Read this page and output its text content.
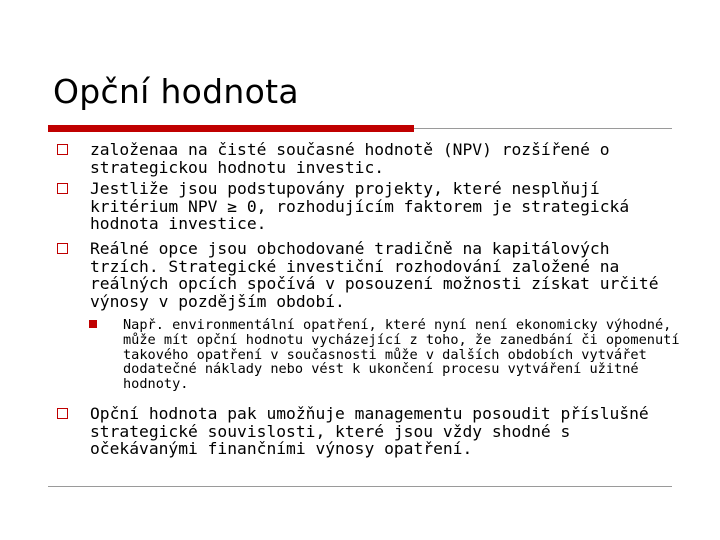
Opční hodnota
založenaa na čisté současné hodnotě (NPV) rozšířené o strategickou hodnotu investic.
Jestliže jsou podstupovány projekty, které nesplňují kritérium NPV ≥ 0, rozhodujícím faktorem je strategická hodnota investice.
Reálné opce jsou obchodované tradičně na kapitálových trzích. Strategické investiční rozhodování založené na reálných opcích spočívá v posouzení možnosti získat určité výnosy v pozdějším období.
Např. environmentální opatření, které nyní není ekonomicky výhodné, může mít opční hodnotu vycházející z toho, že zanedbání či opomenutí takového opatření v současnosti může v dalších obdobích vytvářet dodatečné náklady nebo vést k ukončení procesu vytváření užitné hodnoty.
Opční hodnota pak umožňuje managementu posoudit příslušné strategické souvislosti, které jsou vždy shodné s očekávanými finančními výnosy opatření.
